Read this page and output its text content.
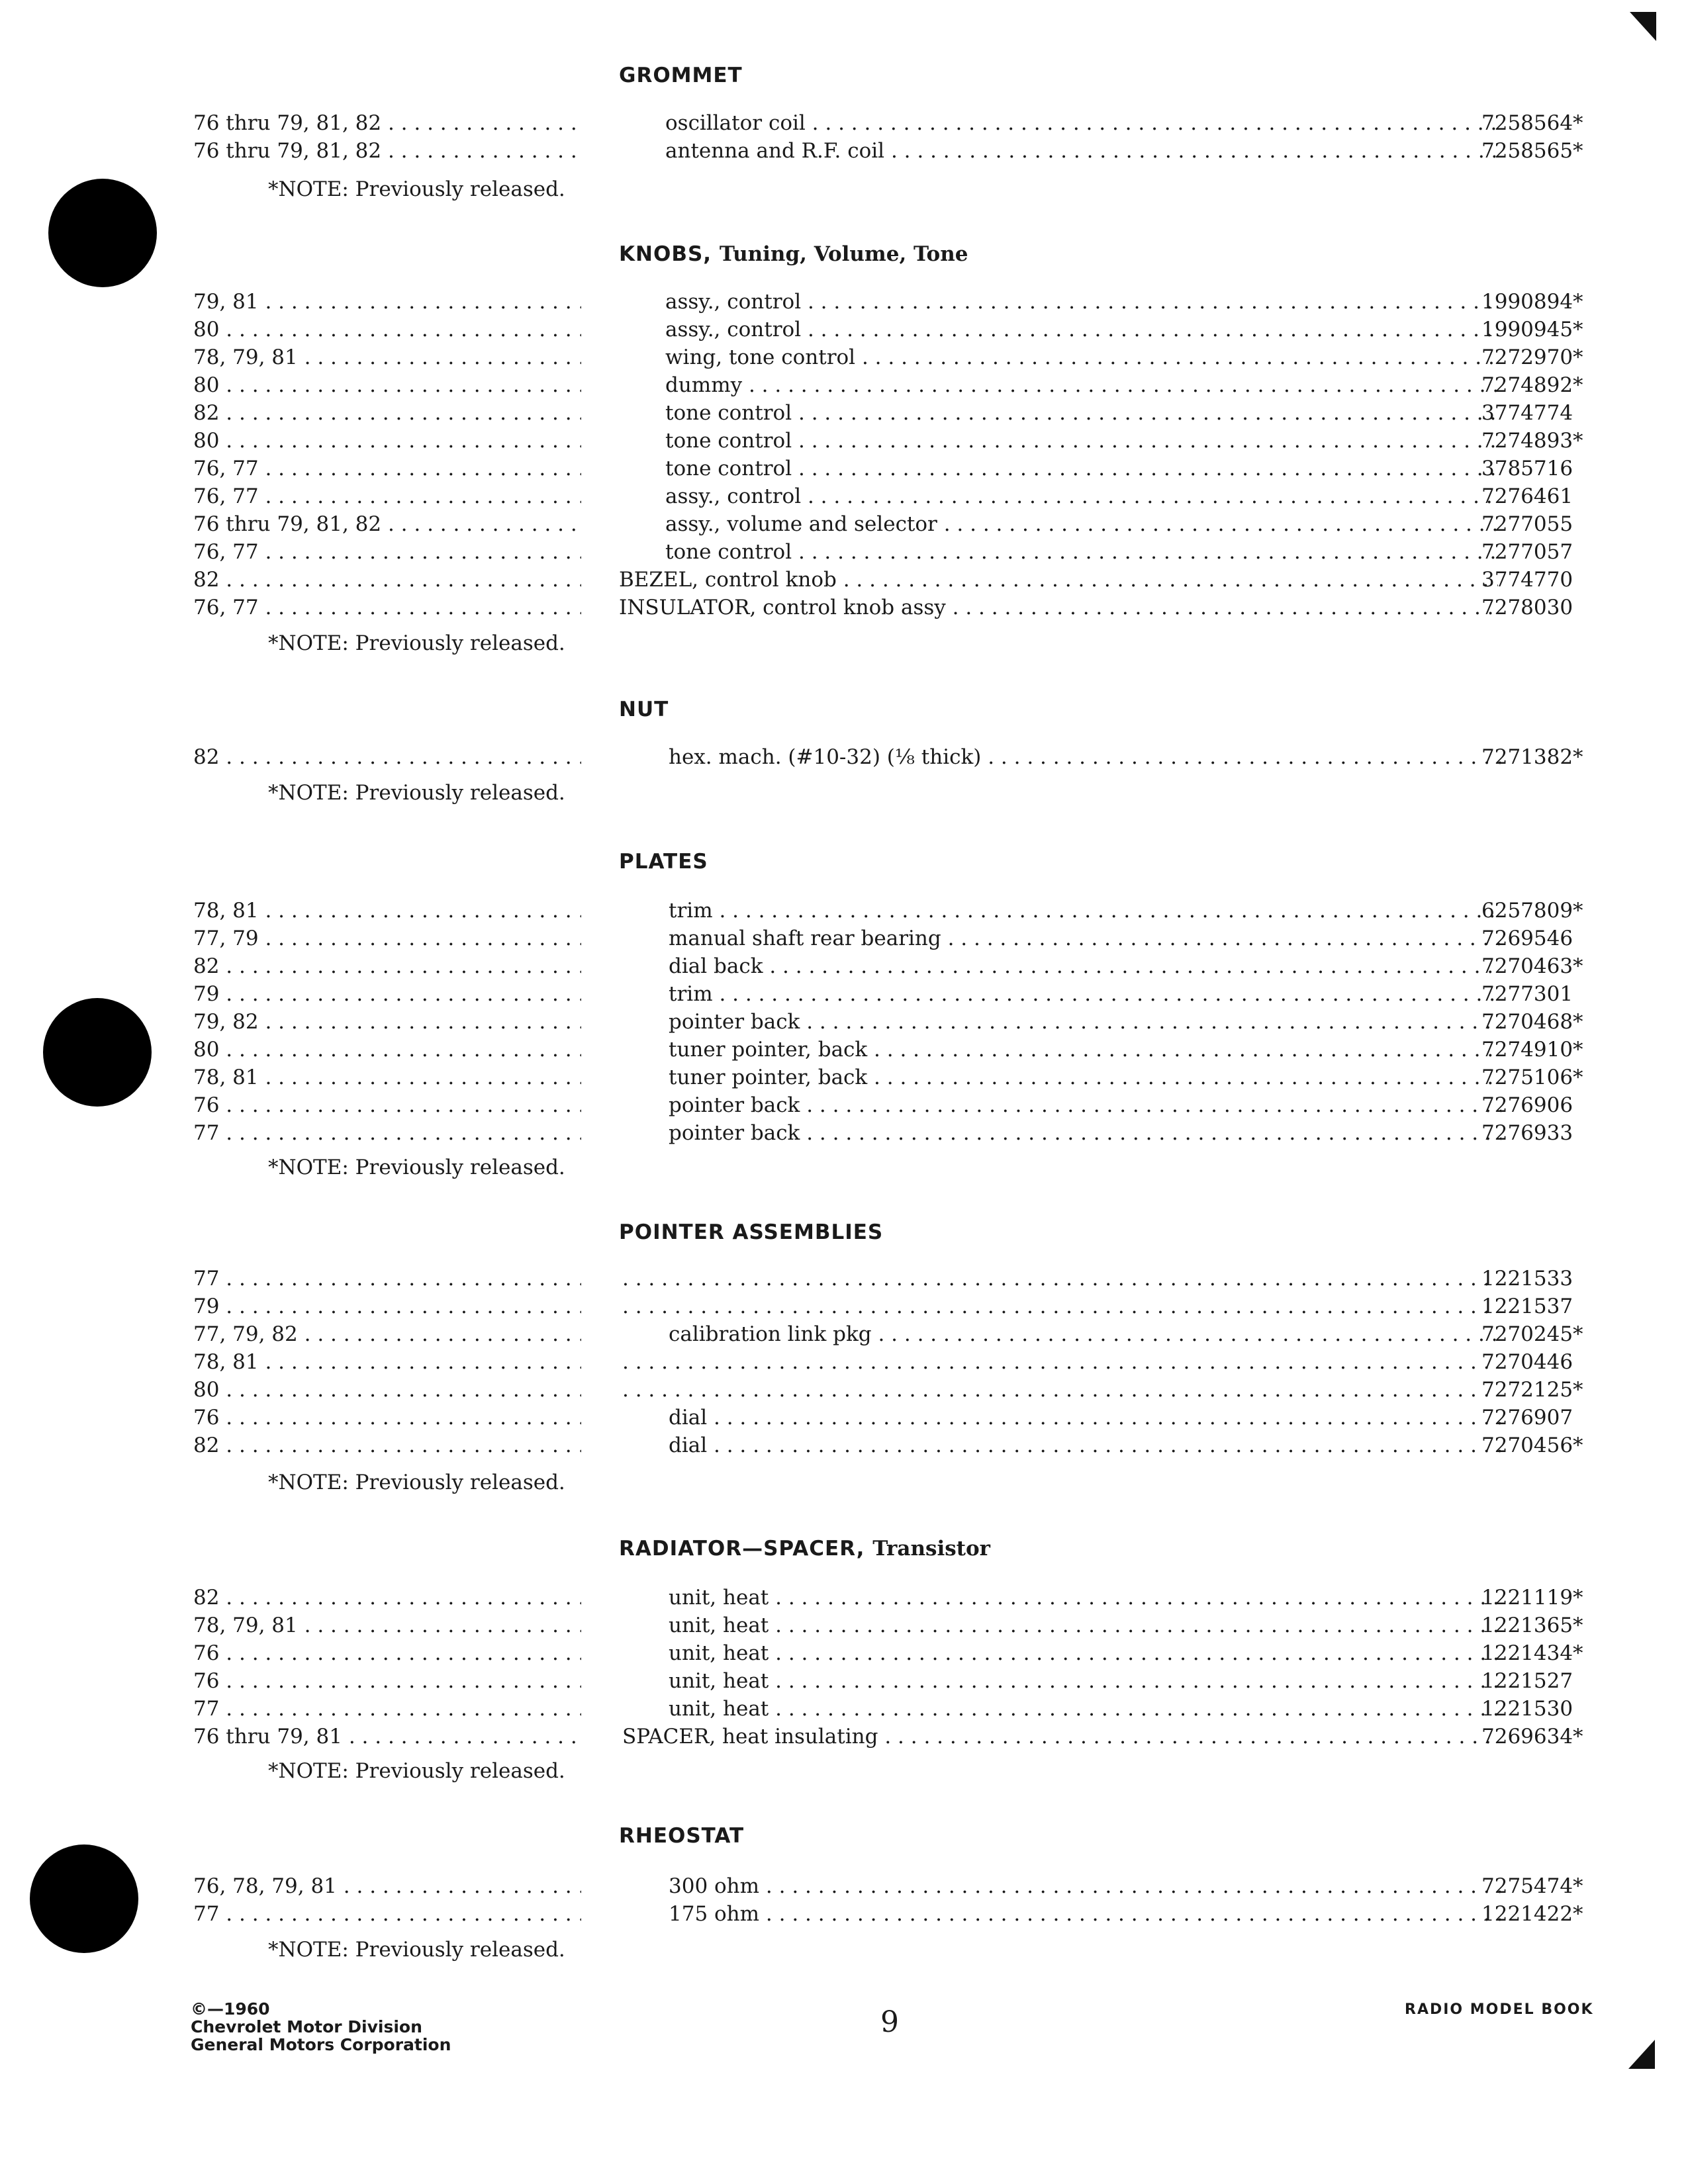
GROMMET
76 thru 79, 81, 82 . . .	oscillator coil . . .	7258564*
76 thru 79, 81, 82 . . .	antenna and R.F. coil . . .	7258565*
*NOTE: Previously released.
KNOBS, Tuning, Volume, Tone
79, 81 . . .	assy., control . . .	1990894*
80 . . .	assy., control . . .	1990945*
78, 79, 81 . . .	wing, tone control . . .	7272970*
80 . . .	dummy . . .	7274892*
82 . . .	tone control . . .	3774774
80 . . .	tone control . . .	7274893*
76, 77 . . .	tone control . . .	3785716
76, 77 . . .	assy., control . . .	7276461
76 thru 79, 81, 82 . . .	assy., volume and selector . . .	7277055
76, 77 . . .	tone control . . .	7277057
82 . . .	BEZEL, control knob . . .	3774770
76, 77 . . .	INSULATOR, control knob assy . . .	7278030
*NOTE: Previously released.
NUT
82 . . .	hex. mach. (#10-32) (⅛ thick) . . .	7271382*
*NOTE: Previously released.
PLATES
78, 81 . . .	trim . . .	6257809*
77, 79 . . .	manual shaft rear bearing . . .	7269546
82 . . .	dial back . . .	7270463*
79 . . .	trim . . .	7277301
79, 82 . . .	pointer back . . .	7270468*
80 . . .	tuner pointer, back . . .	7274910*
78, 81 . . .	tuner pointer, back . . .	7275106*
76 . . .	pointer back . . .	7276906
77 . . .	pointer back . . .	7276933
*NOTE: Previously released.
POINTER ASSEMBLIES
77 . . . . . .	1221533
79 . . . . . .	1221537
77, 79, 82 . . .	calibration link pkg . . .	7270245*
78, 81 . . . . . .	7270446
80 . . . . . .	7272125*
76 . . .	dial . . .	7276907
82 . . .	dial . . .	7270456*
*NOTE: Previously released.
RADIATOR—SPACER, Transistor
82 . . .	unit, heat . . .	1221119*
78, 79, 81 . . .	unit, heat . . .	1221365*
76 . . .	unit, heat . . .	1221434*
76 . . .	unit, heat . . .	1221527
77 . . .	unit, heat . . .	1221530
76 thru 79, 81 . . .	SPACER, heat insulating . . .	7269634*
*NOTE: Previously released.
RHEOSTAT
76, 78, 79, 81 . . .	300 ohm . . .	7275474*
77 . . .	175 ohm . . .	1221422*
*NOTE: Previously released.
©—1960
Chevrolet Motor Division
General Motors Corporation
9	RADIO MODEL BOOK
